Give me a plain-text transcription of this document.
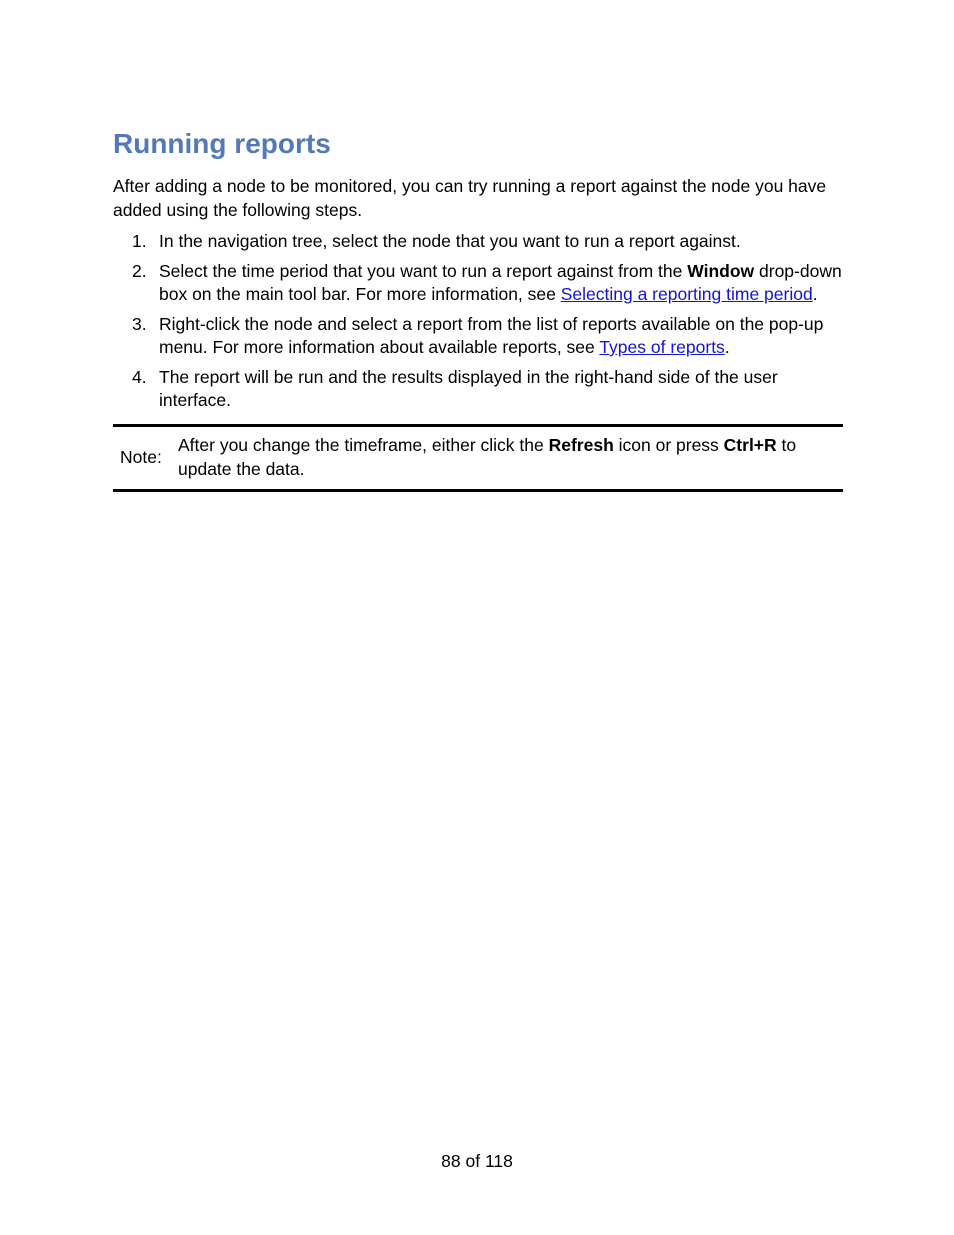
Running reports

After adding a node to be monitored, you can try running a report against the node you have added using the following steps.

1. In the navigation tree, select the node that you want to run a report against.
2. Select the time period that you want to run a report against from the Window drop-down box on the main tool bar. For more information, see Selecting a reporting time period.
3. Right-click the node and select a report from the list of reports available on the pop-up menu. For more information about available reports, see Types of reports.
4. The report will be run and the results displayed in the right-hand side of the user interface.
Note:
After you change the timeframe, either click the Refresh icon or press Ctrl+R to update the data.
88 of 118
